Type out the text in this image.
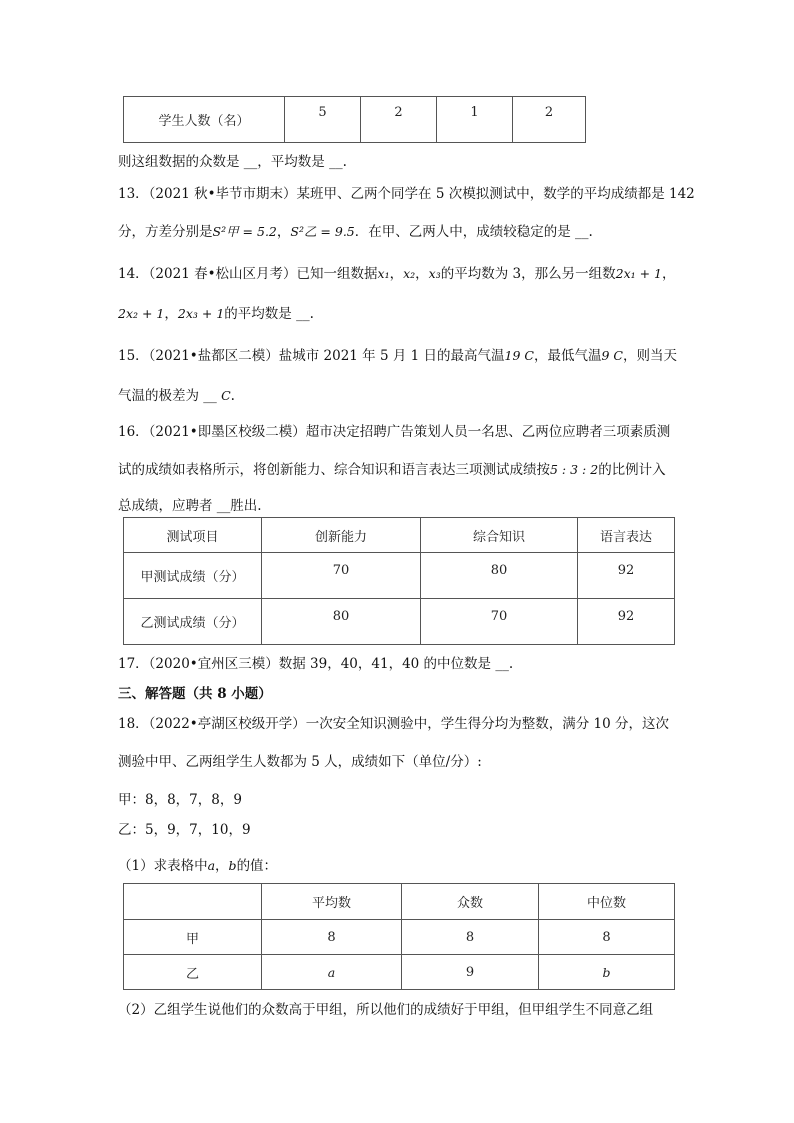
学生人数（名）	5	2	1	2
则这组数据的众数是 __，平均数是 __.
13．（2021 秋•毕节市期末）某班甲、乙两个同学在 5 次模拟测试中，数学的平均成绩都是 142
分，方差分别是S²甲 = 5.2，S²乙 = 9.5．在甲、乙两人中，成绩较稳定的是 __.
14．（2021 春•松山区月考）已知一组数据x₁，x₂，x₃的平均数为 3，那么另一组数2x₁ + 1，
2x₂ + 1，2x₃ + 1的平均数是 __.
15．（2021•盐都区二模）盐城市 2021 年 5 月 1 日的最高气温19 C，最低气温9 C，则当天
气温的极差为 __ C.
16．（2021•即墨区校级二模）超市决定招聘广告策划人员一名思、乙两位应聘者三项素质测
试的成绩如表格所示，将创新能力、综合知识和语言表达三项测试成绩按5 : 3 : 2的比例计入
总成绩，应聘者 __胜出.
测试项目	创新能力	综合知识	语言表达
甲测试成绩（分）	70	80	92
乙测试成绩（分）	80	70	92
17．（2020•宜州区三模）数据 39，40，41，40 的中位数是 __.
三、解答题（共 8 小题）
18．（2022•亭湖区校级开学）一次安全知识测验中，学生得分均为整数，满分 10 分，这次
测验中甲、乙两组学生人数都为 5 人，成绩如下（单位/分）:
甲：8，8，7，8，9
乙：5，9，7，10，9
（1）求表格中a，b的值：
	平均数	众数	中位数
甲	8	8	8
乙	a	9	b
（2）乙组学生说他们的众数高于甲组，所以他们的成绩好于甲组，但甲组学生不同意乙组
